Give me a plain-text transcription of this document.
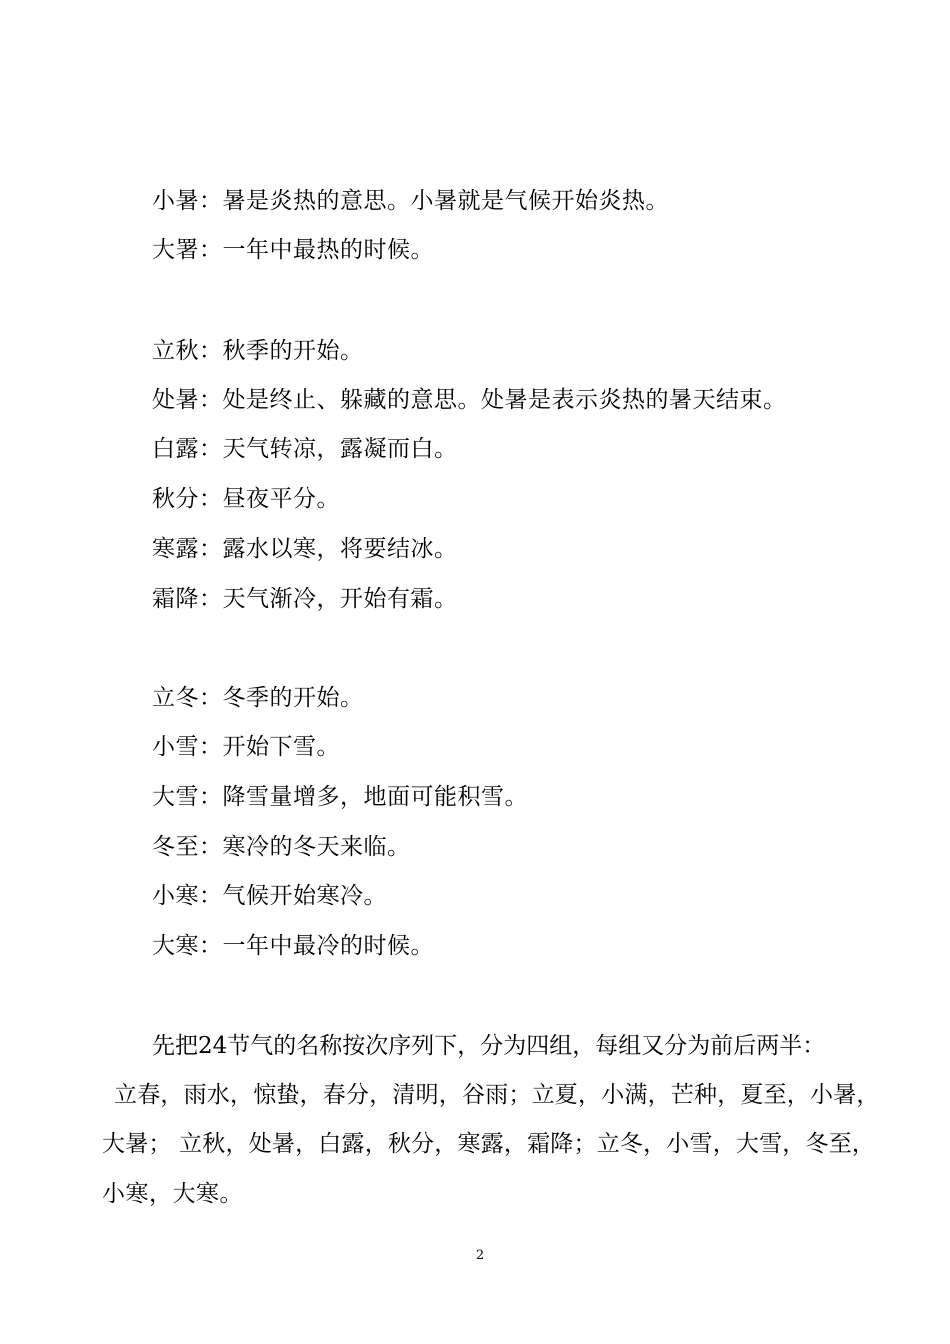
小暑：暑是炎热的意思。小暑就是气候开始炎热。
大署：一年中最热的时候。
立秋：秋季的开始。
处暑：处是终止、躲藏的意思。处暑是表示炎热的暑天结束。
白露：天气转凉，露凝而白。
秋分：昼夜平分。
寒露：露水以寒，将要结冰。
霜降：天气渐冷，开始有霜。
立冬：冬季的开始。
小雪：开始下雪。
大雪：降雪量增多，地面可能积雪。
冬至：寒冷的冬天来临。
小寒：气候开始寒冷。
大寒：一年中最冷的时候。
先把24节气的名称按次序列下，分为四组，每组又分为前后两半：
立春，雨水，惊蛰，春分，清明，谷雨；立夏，小满，芒种，夏至，小暑，
大暑； 立秋，处暑，白露，秋分，寒露，霜降；立冬，小雪，大雪，冬至，
小寒，大寒。
2
